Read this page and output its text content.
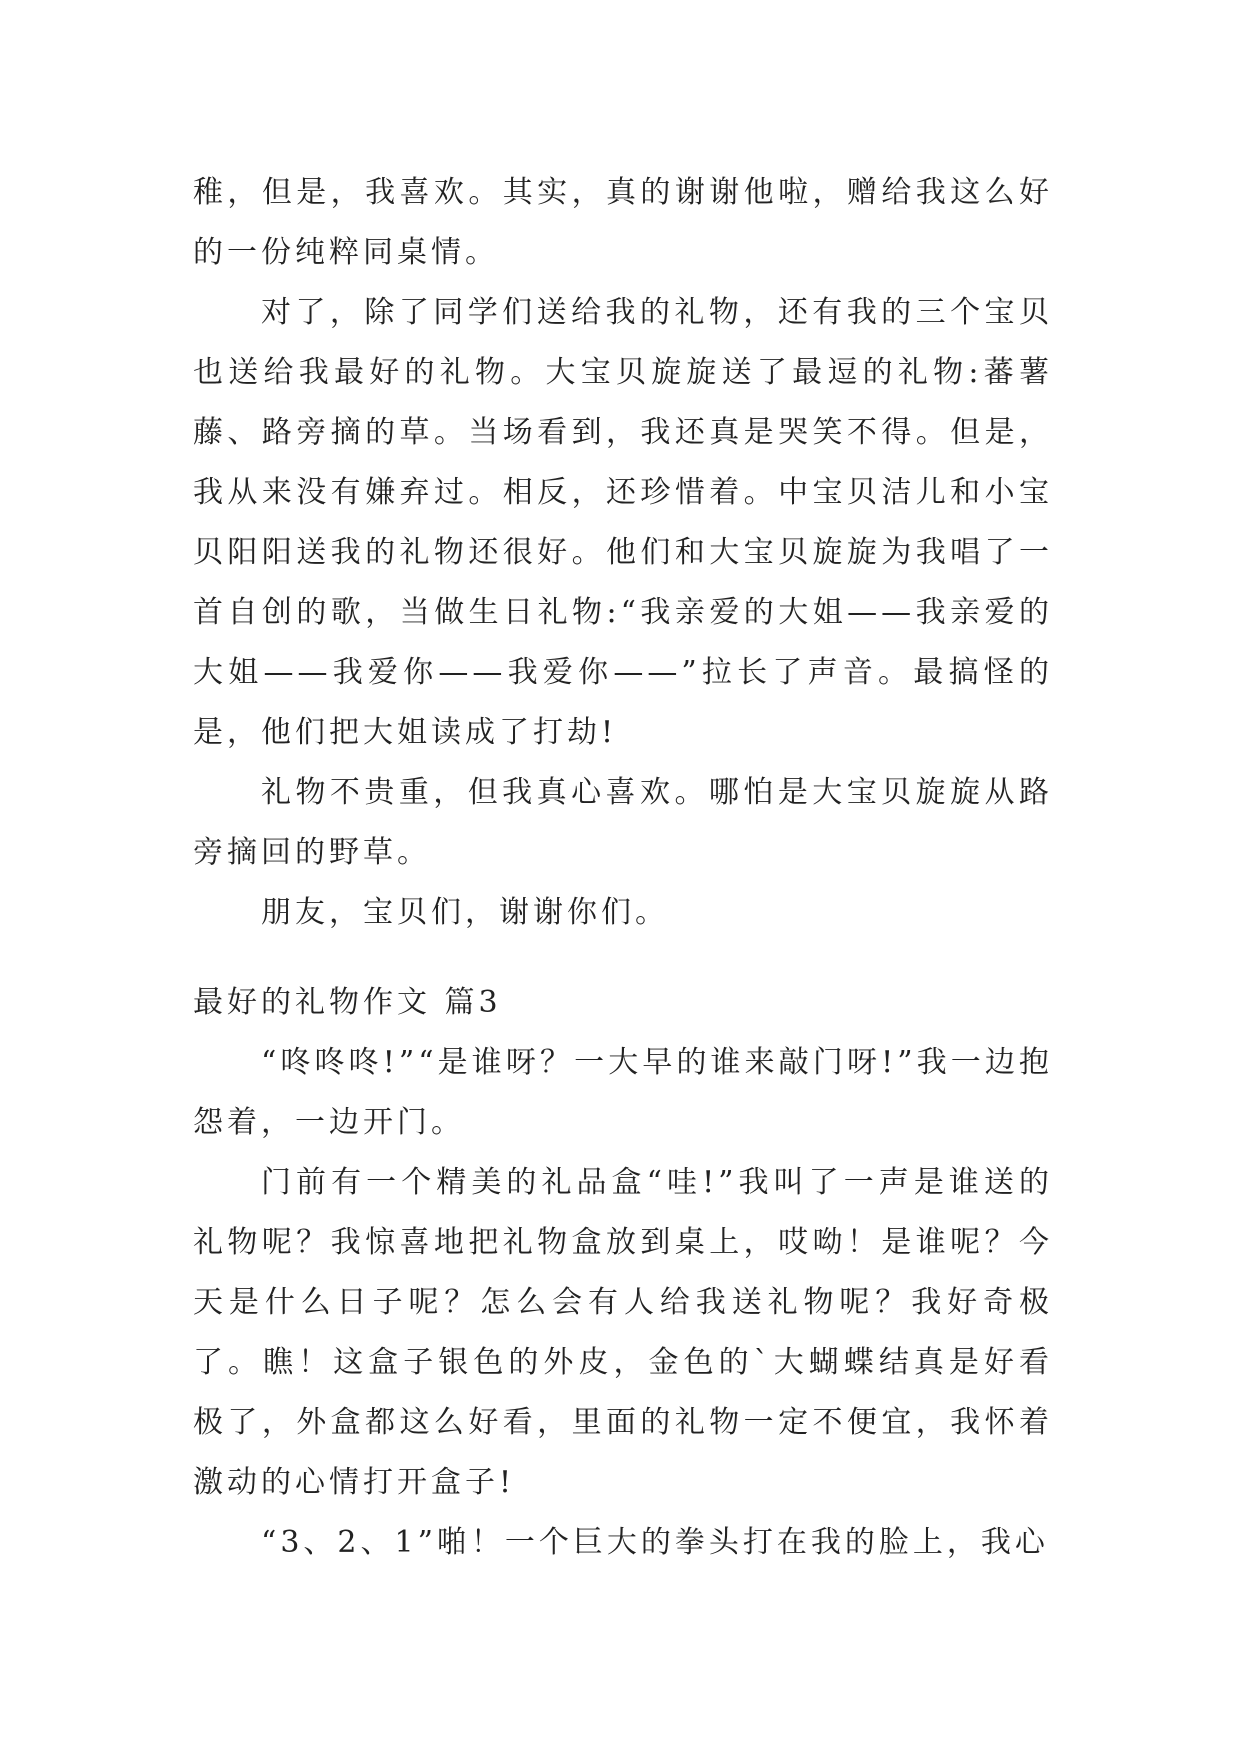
稚，但是，我喜欢。其实，真的谢谢他啦，赠给我这么好的一份纯粹同桌情。

对了，除了同学们送给我的礼物，还有我的三个宝贝也送给我最好的礼物。大宝贝旋旋送了最逗的礼物:蕃薯藤、路旁摘的草。当场看到，我还真是哭笑不得。但是，我从来没有嫌弃过。相反，还珍惜着。中宝贝洁儿和小宝贝阳阳送我的礼物还很好。他们和大宝贝旋旋为我唱了一首自创的歌，当做生日礼物:“我亲爱的大姐——我亲爱的大姐——我爱你——我爱你——”拉长了声音。最搞怪的是，他们把大姐读成了打劫!

礼物不贵重，但我真心喜欢。哪怕是大宝贝旋旋从路旁摘回的野草。

朋友，宝贝们，谢谢你们。

最好的礼物作文 篇3

“咚咚咚!”“是谁呀？一大早的谁来敲门呀!”我一边抱怨着，一边开门。

门前有一个精美的礼品盒“哇!”我叫了一声是谁送的礼物呢？我惊喜地把礼物盒放到桌上，哎呦！是谁呢？今天是什么日子呢？怎么会有人给我送礼物呢？我好奇极了。瞧！这盒子银色的外皮，金色的`大蝴蝶结真是好看极了，外盒都这么好看，里面的礼物一定不便宜，我怀着激动的心情打开盒子!

“3、2、1”啪！一个巨大的拳头打在我的脸上，我心
